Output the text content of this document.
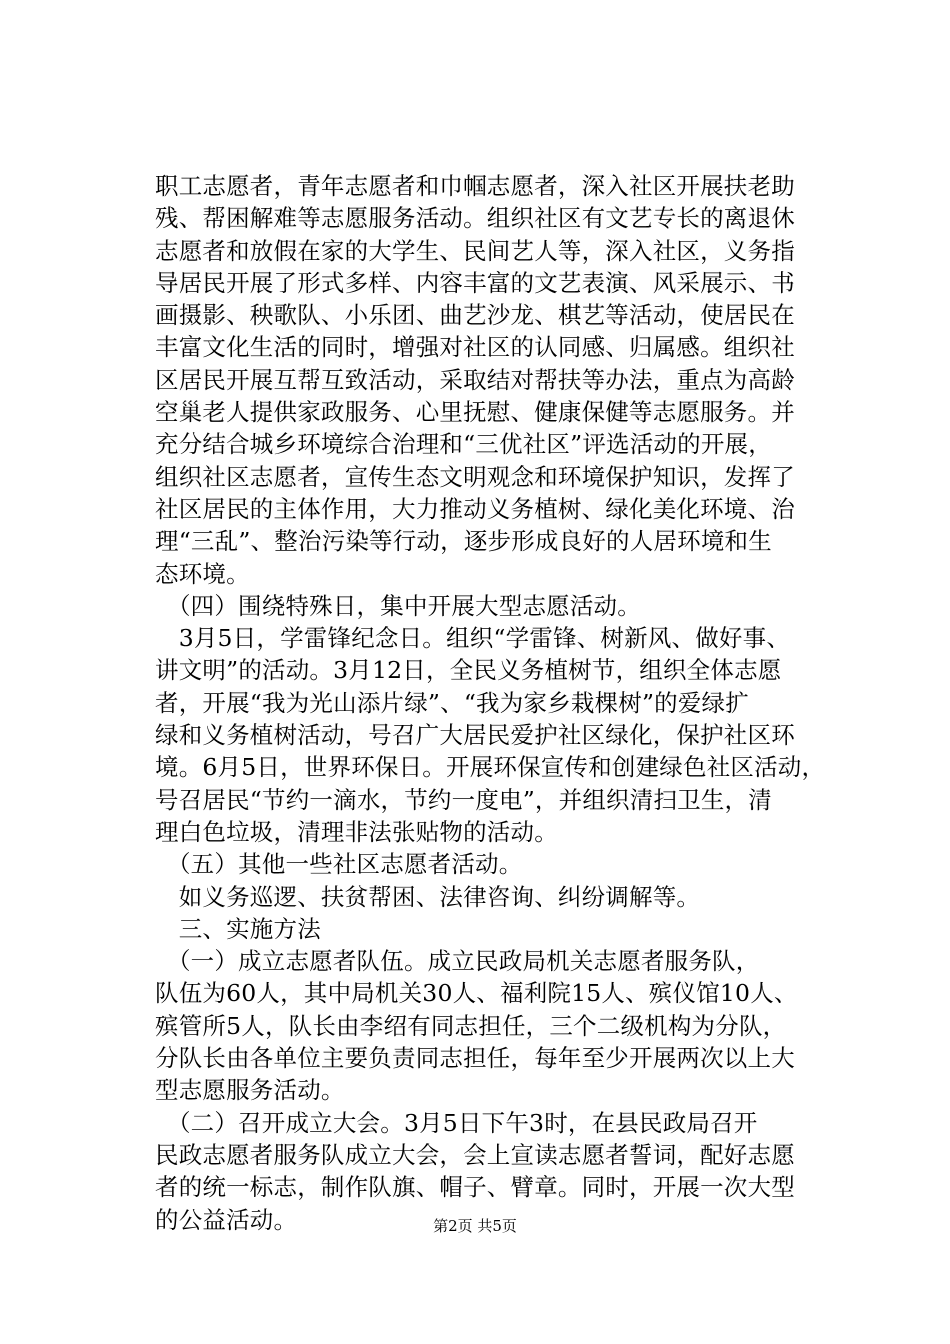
职工志愿者，青年志愿者和巾帼志愿者，深入社区开展扶老助
残、帮困解难等志愿服务活动。组织社区有文艺专长的离退休
志愿者和放假在家的大学生、民间艺人等，深入社区，义务指
导居民开展了形式多样、内容丰富的文艺表演、风采展示、书
画摄影、秧歌队、小乐团、曲艺沙龙、棋艺等活动，使居民在
丰富文化生活的同时，增强对社区的认同感、归属感。组织社
区居民开展互帮互致活动，采取结对帮扶等办法，重点为高龄
空巢老人提供家政服务、心里抚慰、健康保健等志愿服务。并
充分结合城乡环境综合治理和“三优社区”评选活动的开展，
组织社区志愿者，宣传生态文明观念和环境保护知识，发挥了
社区居民的主体作用，大力推动义务植树、绿化美化环境、治
理“三乱”、整治污染等行动，逐步形成良好的人居环境和生
态环境。
　（四）围绕特殊日，集中开展大型志愿活动。
　3月5日，学雷锋纪念日。组织“学雷锋、树新风、做好事、
讲文明”的活动。3月12日，全民义务植树节，组织全体志愿
者，开展“我为光山添片绿”、“我为家乡栽棵树”的爱绿扩
绿和义务植树活动，号召广大居民爱护社区绿化，保护社区环
境。6月5日，世界环保日。开展环保宣传和创建绿色社区活动，
号召居民“节约一滴水，节约一度电”，并组织清扫卫生，清
理白色垃圾，清理非法张贴物的活动。
　（五）其他一些社区志愿者活动。
　如义务巡逻、扶贫帮困、法律咨询、纠纷调解等。
　三、实施方法
　（一）成立志愿者队伍。成立民政局机关志愿者服务队，
队伍为60人，其中局机关30人、福利院15人、殡仪馆10人、
殡管所5人，队长由李绍有同志担任，三个二级机构为分队，
分队长由各单位主要负责同志担任，每年至少开展两次以上大
型志愿服务活动。
　（二）召开成立大会。3月5日下午3时，在县民政局召开
民政志愿者服务队成立大会，会上宣读志愿者誓词，配好志愿
者的统一标志，制作队旗、帽子、臂章。同时，开展一次大型
的公益活动。	第2页 共5页
